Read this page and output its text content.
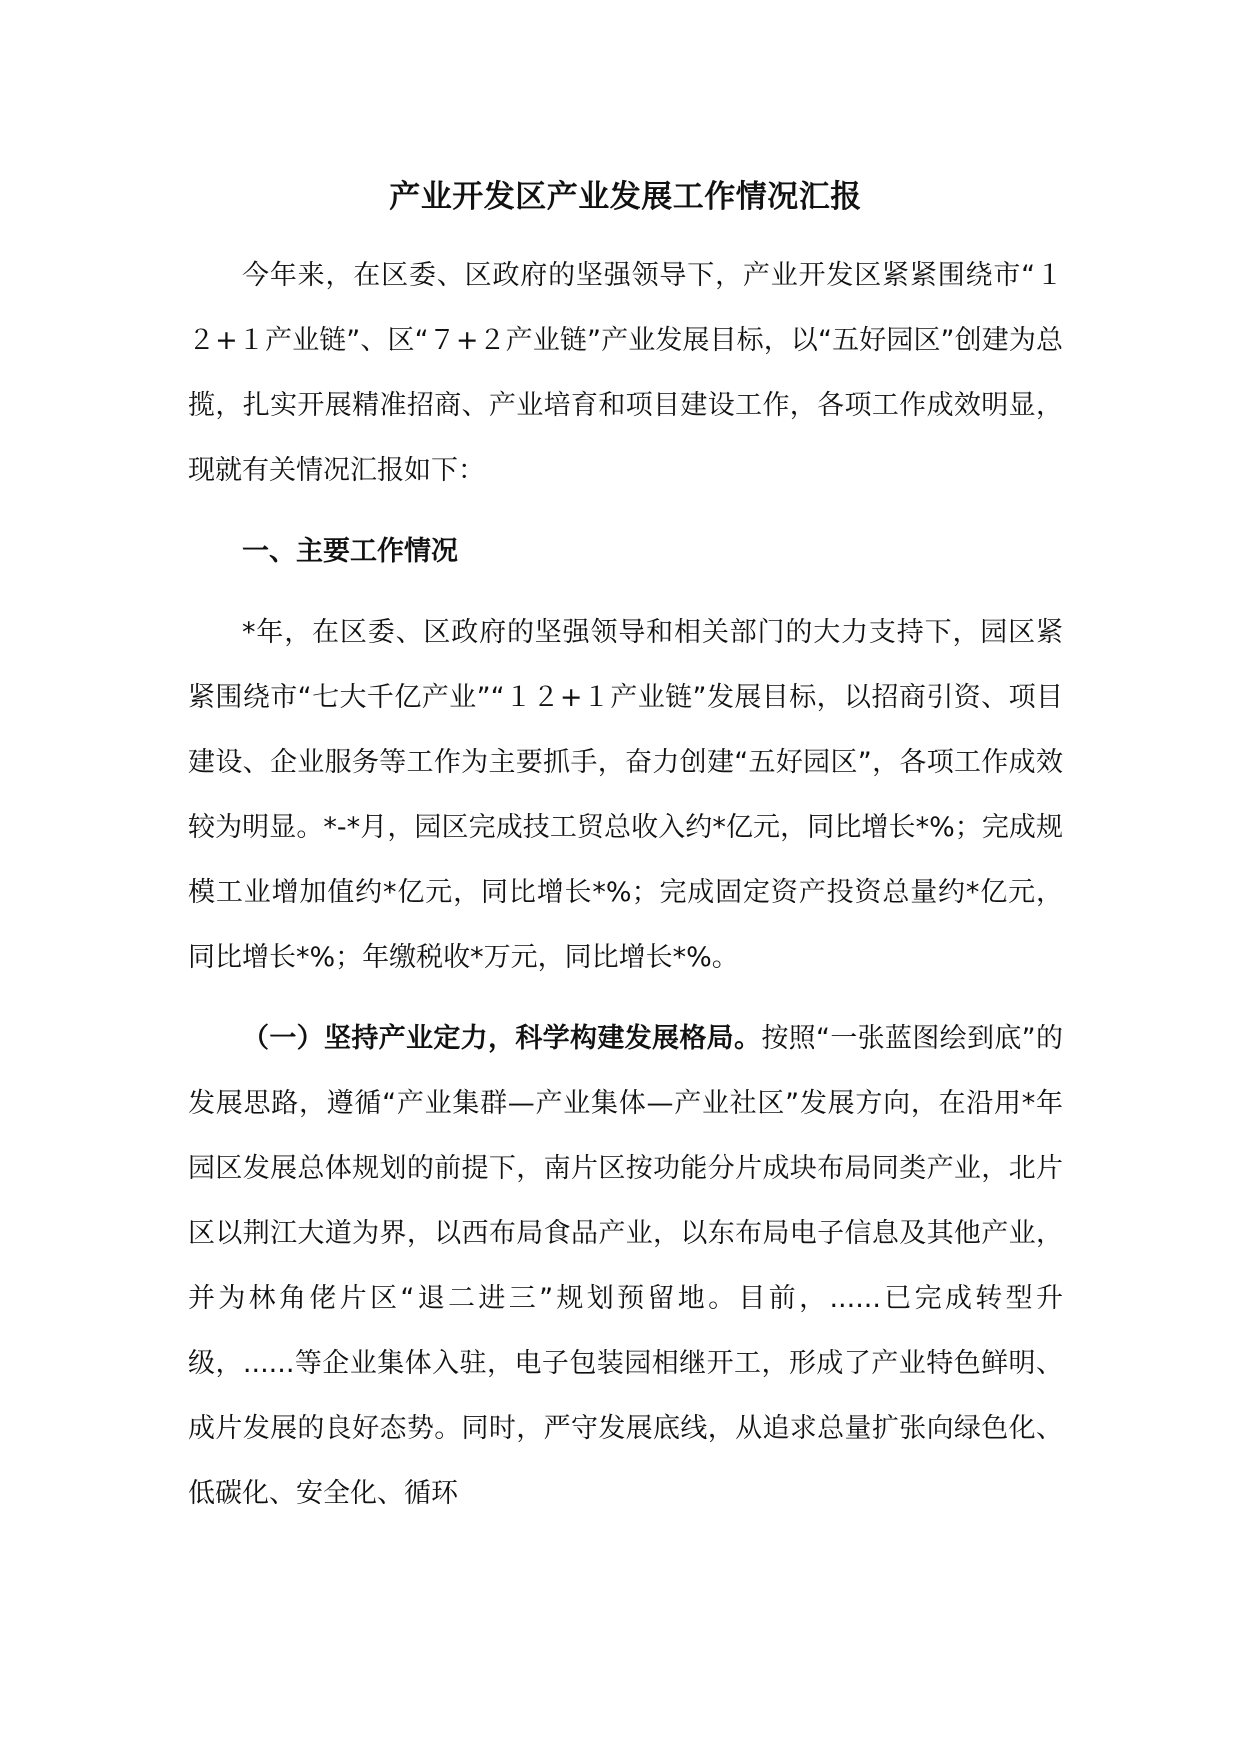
产业开发区产业发展工作情况汇报

今年来，在区委、区政府的坚强领导下，产业开发区紧紧围绕市“１２+１产业链”、区“７+２产业链”产业发展目标，以“五好园区”创建为总揽，扎实开展精准招商、产业培育和项目建设工作，各项工作成效明显，现就有关情况汇报如下：

一、主要工作情况

*年，在区委、区政府的坚强领导和相关部门的大力支持下，园区紧紧围绕市“七大千亿产业”“１２+１产业链”发展目标，以招商引资、项目建设、企业服务等工作为主要抓手，奋力创建“五好园区”，各项工作成效较为明显。*-*月，园区完成技工贸总收入约*亿元，同比增长*%；完成规模工业增加值约*亿元，同比增长*%；完成固定资产投资总量约*亿元，同比增长*%；年缴税收*万元，同比增长*%。

（一）坚持产业定力，科学构建发展格局。按照“一张蓝图绘到底”的发展思路，遵循“产业集群—产业集体—产业社区”发展方向，在沿用*年园区发展总体规划的前提下，南片区按功能分片成块布局同类产业，北片区以荆江大道为界，以西布局食品产业，以东布局电子信息及其他产业，并为林角佬片区“退二进三”规划预留地。目前，......已完成转型升级，......等企业集体入驻，电子包装园相继开工，形成了产业特色鲜明、成片发展的良好态势。同时，严守发展底线，从追求总量扩张向绿色化、低碳化、安全化、循环
